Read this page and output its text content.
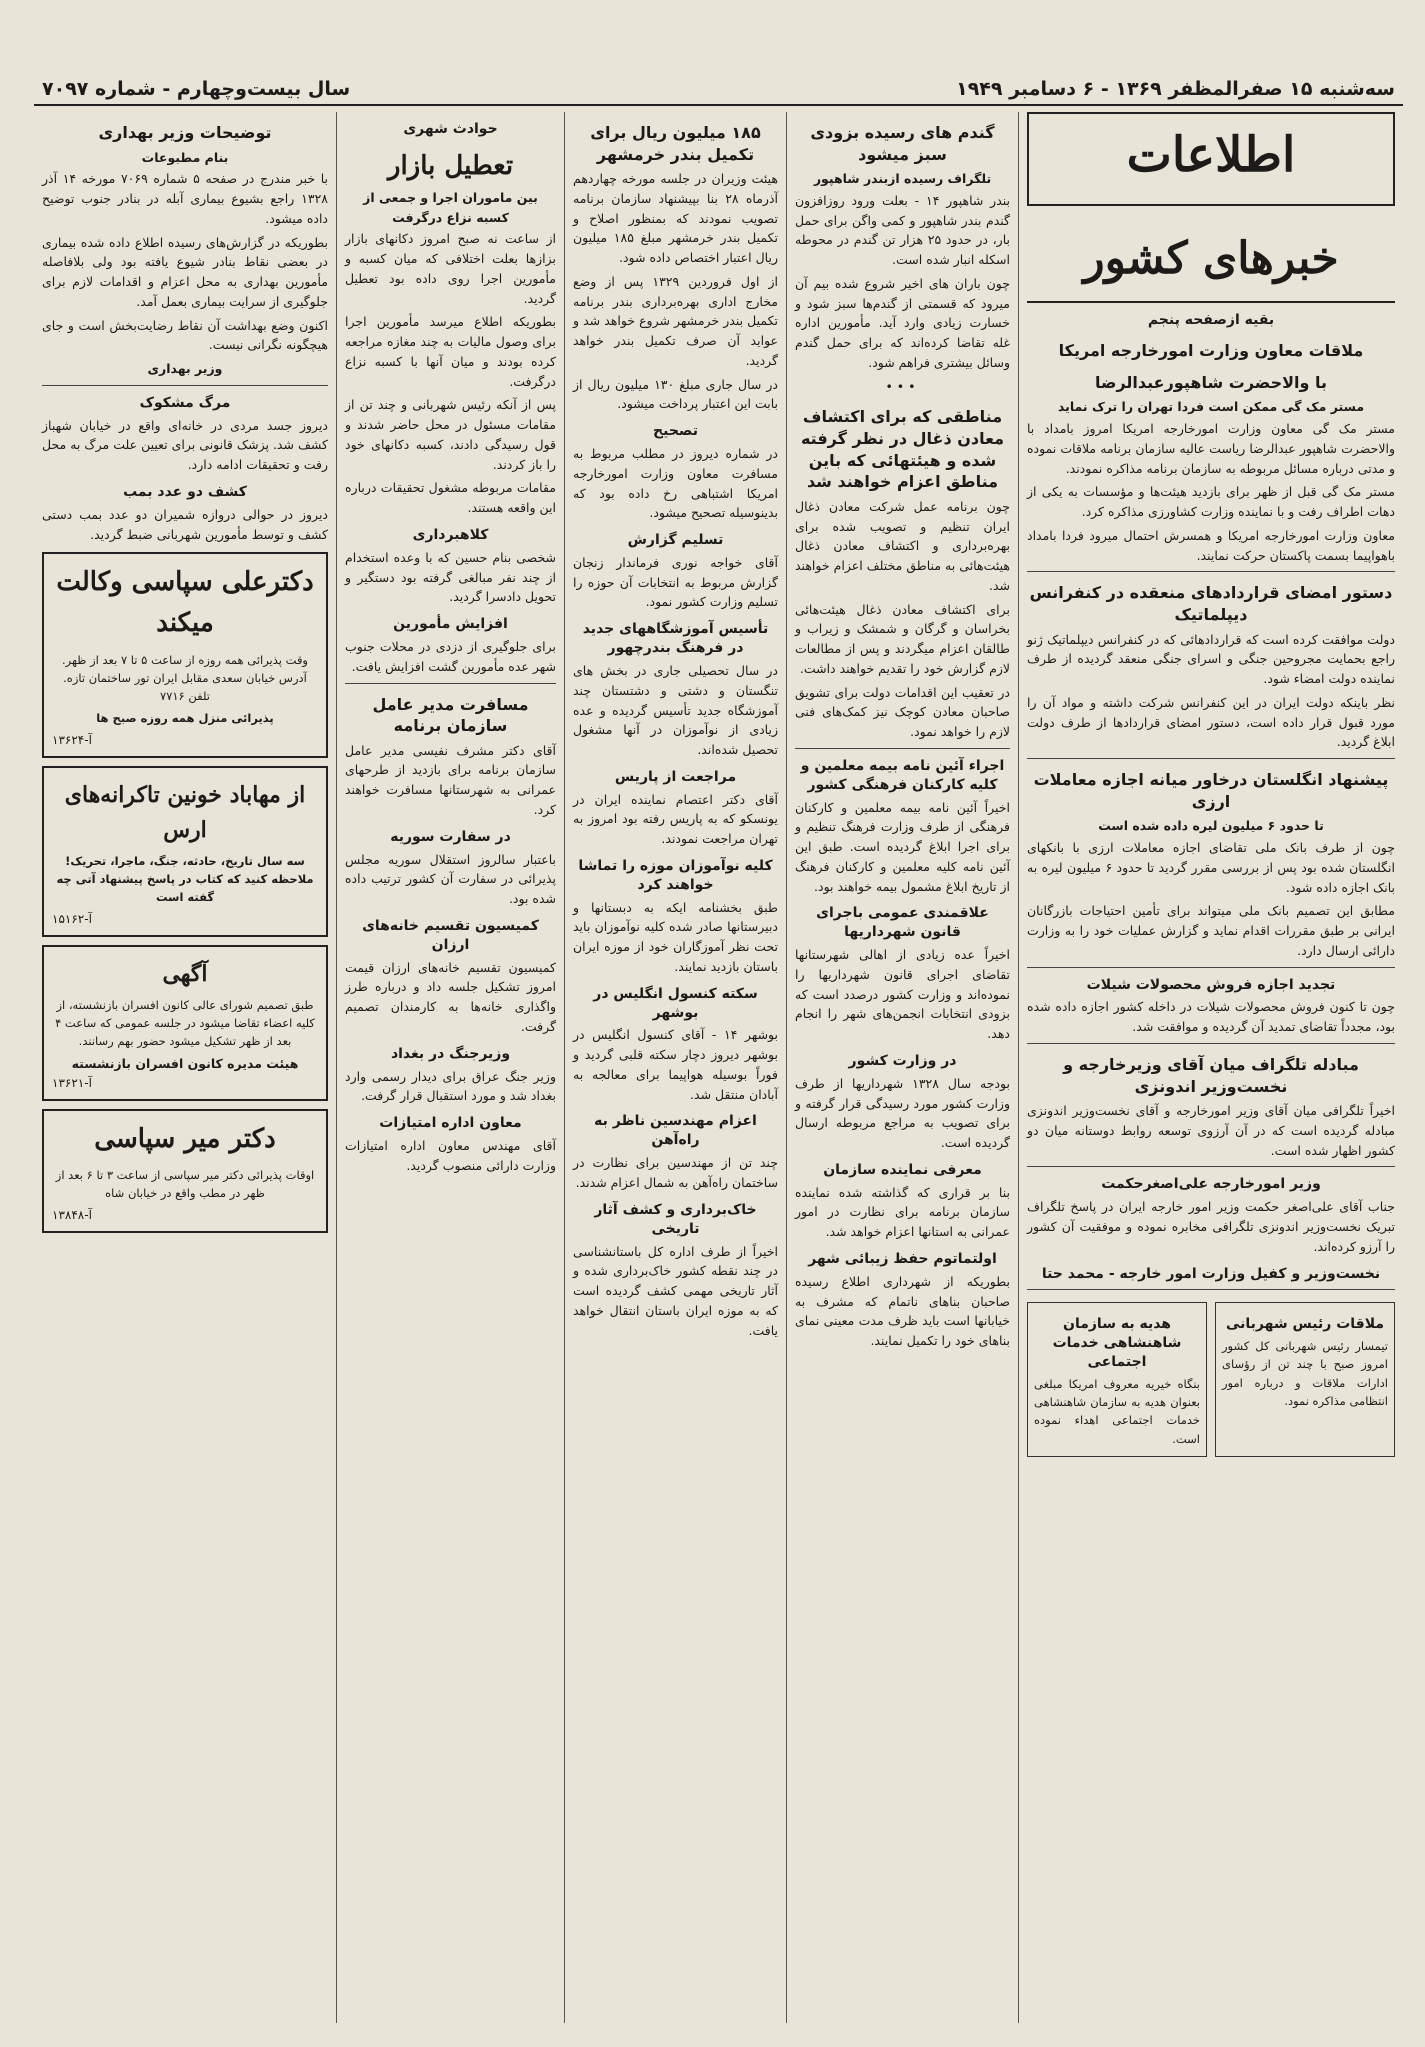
سه‌شنبه ۱۵ صفرالمظفر ۱۳۶۹ - ۶ دسامبر ۱۹۴۹
سال بیست‌وچهارم - شماره ۷۰۹۷
اطلاعات
خبرهای کشور
بقیه ازصفحه پنجم
ملاقات معاون وزارت امورخارجه امریکا
با والاحضرت شاهپورعبدالرضا
مستر مک گی ممکن است فردا تهران را ترک نماید

مستر مک گی معاون وزارت امورخارجه امریکا امروز بامداد با والاحضرت شاهپور عبدالرضا ریاست عالیه سازمان برنامه ملاقات نموده و مدتی درباره مسائل مربوطه به سازمان برنامه مذاکره نمودند.

مستر مک گی قبل از ظهر برای بازدید هیئت‌ها و مؤسسات به یکی از دهات اطراف رفت و با نماینده وزارت کشاورزی مذاکره کرد.

معاون وزارت امورخارجه امریکا و همسرش احتمال میرود فردا بامداد باهواپیما بسمت پاکستان حرکت نمایند.

دستور امضای قراردادهای منعقده در کنفرانس دیپلماتیک

دولت موافقت کرده است که قراردادهائی که در کنفرانس دیپلماتیک ژنو راجع بحمایت مجروحین جنگی و اسرای جنگی منعقد گردیده از طرف نماینده دولت امضاء شود.

نظر باینکه دولت ایران در این کنفرانس شرکت داشته و مواد آن را مورد قبول قرار داده است، دستور امضای قراردادها از طرف دولت ابلاغ گردید.

پیشنهاد انگلستان درخاور میانه اجازه معاملات ارزی
تا حدود ۶ میلیون لیره داده شده است

چون از طرف بانک ملی تقاضای اجازه معاملات ارزی با بانکهای انگلستان شده بود پس از بررسی مقرر گردید تا حدود ۶ میلیون لیره به بانک اجازه داده شود.

مطابق این تصمیم بانک ملی میتواند برای تأمین احتیاجات بازرگانان ایرانی بر طبق مقررات اقدام نماید و گزارش عملیات خود را به وزارت دارائی ارسال دارد.

تجدید اجازه فروش محصولات شیلات

چون تا کنون فروش محصولات شیلات در داخله کشور اجازه داده شده بود، مجدداً تقاضای تمدید آن گردیده و موافقت شد.

مبادله تلگراف میان آقای وزیرخارجه و نخست‌وزیر اندونزی

اخیراً تلگرافی میان آقای وزیر امورخارجه و آقای نخست‌وزیر اندونزی مبادله گردیده است که در آن آرزوی توسعه روابط دوستانه میان دو کشور اظهار شده است.

وزیر امورخارجه علی‌اصغرحکمت

جناب آقای علی‌اصغر حکمت وزیر امور خارجه ایران در پاسخ تلگراف تبریک نخست‌وزیر اندونزی تلگرافی مخابره نموده و موفقیت آن کشور را آرزو کرده‌اند.

نخست‌وزیر و کفیل وزارت امور خارجه - محمد حتا
ملاقات رئیس شهربانی

تیمسار رئیس شهربانی کل کشور امروز صبح با چند تن از رؤسای ادارات ملاقات و درباره امور انتظامی مذاکره نمود.

هدیه به سازمان شاهنشاهی خدمات اجتماعی

بنگاه خیریه معروف امریکا مبلغی بعنوان هدیه به سازمان شاهنشاهی خدمات اجتماعی اهداء نموده است.

گندم های رسیده بزودی سبز میشود
تلگراف رسیده ازبندر شاهپور

بندر شاهپور ۱۴ - بعلت ورود روزافزون گندم بندر شاهپور و کمی واگن برای حمل بار، در حدود ۲۵ هزار تن گندم در محوطه اسکله انبار شده است.

چون باران های اخیر شروع شده بیم آن میرود که قسمتی از گندم‌ها سبز شود و خسارت زیادی وارد آید. مأمورین اداره غله تقاضا کرده‌اند که برای حمل گندم وسائل بیشتری فراهم شود.

•••
مناطقی که برای اکتشاف معادن ذغال در نظر گرفته شده و هیئتهائی که باین مناطق اعزام خواهند شد

چون برنامه عمل شرکت معادن ذغال ایران تنظیم و تصویب شده برای بهره‌برداری و اکتشاف معادن ذغال هیئت‌هائی به مناطق مختلف اعزام خواهند شد.

برای اکتشاف معادن ذغال هیئت‌هائی بخراسان و گرگان و شمشک و زیراب و طالقان اعزام میگردند و پس از مطالعات لازم گزارش خود را تقدیم خواهند داشت.

در تعقیب این اقدامات دولت برای تشویق صاحبان معادن کوچک نیز کمک‌های فنی لازم را خواهد نمود.

اجراء آئین نامه بیمه معلمین و کلیه کارکنان فرهنگی کشور

اخیراً آئین نامه بیمه معلمین و کارکنان فرهنگی از طرف وزارت فرهنگ تنظیم و برای اجرا ابلاغ گردیده است. طبق این آئین نامه کلیه معلمین و کارکنان فرهنگ از تاریخ ابلاغ مشمول بیمه خواهند بود.

علاقمندی عمومی باجرای قانون شهرداریها

اخیراً عده زیادی از اهالی شهرستانها تقاضای اجرای قانون شهرداریها را نموده‌اند و وزارت کشور درصدد است که بزودی انتخابات انجمن‌های شهر را انجام دهد.

در وزارت کشور

بودجه سال ۱۳۲۸ شهرداریها از طرف وزارت کشور مورد رسیدگی قرار گرفته و برای تصویب به مراجع مربوطه ارسال گردیده است.

معرفی نماینده سازمان

بنا بر قراری که گذاشته شده نماینده سازمان برنامه برای نظارت در امور عمرانی به استانها اعزام خواهد شد.

اولتماتوم حفظ زیبائی شهر

بطوریکه از شهرداری اطلاع رسیده صاحبان بناهای ناتمام که مشرف به خیابانها است باید ظرف مدت معینی نمای بناهای خود را تکمیل نمایند.

۱۸۵ میلیون ریال برای تکمیل بندر خرمشهر

هیئت وزیران در جلسه مورخه چهاردهم آذرماه ۲۸ بنا بپیشنهاد سازمان برنامه تصویب نمودند که بمنظور اصلاح و تکمیل بندر خرمشهر مبلغ ۱۸۵ میلیون ریال اعتبار اختصاص داده شود.

از اول فروردین ۱۳۲۹ پس از وضع مخارج اداری بهره‌برداری بندر برنامه تکمیل بندر خرمشهر شروع خواهد شد و عواید آن صرف تکمیل بندر خواهد گردید.

در سال جاری مبلغ ۱۳۰ میلیون ریال از بابت این اعتبار پرداخت میشود.

تصحیح

در شماره دیروز در مطلب مربوط به مسافرت معاون وزارت امورخارجه امریکا اشتباهی رخ داده بود که بدینوسیله تصحیح میشود.

تسلیم گزارش

آقای خواجه نوری فرماندار زنجان گزارش مربوط به انتخابات آن حوزه را تسلیم وزارت کشور نمود.

تأسیس آموزشگاههای جدید در فرهنگ بندرچهور

در سال تحصیلی جاری در بخش های تنگستان و دشتی و دشتستان چند آموزشگاه جدید تأسیس گردیده و عده زیادی از نوآموزان در آنها مشغول تحصیل شده‌اند.

مراجعت از پاریس

آقای دکتر اعتصام نماینده ایران در یونسکو که به پاریس رفته بود امروز به تهران مراجعت نمودند.

کلیه نوآموزان موزه را تماشا خواهند کرد

طبق بخشنامه ایکه به دبستانها و دبیرستانها صادر شده کلیه نوآموزان باید تحت نظر آموزگاران خود از موزه ایران باستان بازدید نمایند.

سکته کنسول انگلیس در بوشهر

بوشهر ۱۴ - آقای کنسول انگلیس در بوشهر دیروز دچار سکته قلبی گردید و فوراً بوسیله هواپیما برای معالجه به آبادان منتقل شد.

اعزام مهندسین ناظر به راه‌آهن

چند تن از مهندسین برای نظارت در ساختمان راه‌آهن به شمال اعزام شدند.

خاک‌برداری و کشف آثار تاریخی

اخیراً از طرف اداره کل باستانشناسی در چند نقطه کشور خاک‌برداری شده و آثار تاریخی مهمی کشف گردیده است که به موزه ایران باستان انتقال خواهد یافت.

حوادث شهری
تعطیل بازار
بین ماموران اجرا و جمعی از کسبه نزاع درگرفت

از ساعت نه صبح امروز دکانهای بازار بزازها بعلت اختلافی که میان کسبه و مأمورین اجرا روی داده بود تعطیل گردید.

بطوریکه اطلاع میرسد مأمورین اجرا برای وصول مالیات به چند مغازه مراجعه کرده بودند و میان آنها با کسبه نزاع درگرفت.

پس از آنکه رئیس شهربانی و چند تن از مقامات مسئول در محل حاضر شدند و قول رسیدگی دادند، کسبه دکانهای خود را باز کردند.

مقامات مربوطه مشغول تحقیقات درباره این واقعه هستند.

کلاهبرداری

شخصی بنام حسین که با وعده استخدام از چند نفر مبالغی گرفته بود دستگیر و تحویل دادسرا گردید.

افزایش مأمورین

برای جلوگیری از دزدی در محلات جنوب شهر عده مأمورین گشت افزایش یافت.

مسافرت مدیر عامل سازمان برنامه

آقای دکتر مشرف نفیسی مدیر عامل سازمان برنامه برای بازدید از طرحهای عمرانی به شهرستانها مسافرت خواهند کرد.

در سفارت سوریه

باعتبار سالروز استقلال سوریه مجلس پذیرائی در سفارت آن کشور ترتیب داده شده بود.

کمیسیون تقسیم خانه‌های ارزان

کمیسیون تقسیم خانه‌های ارزان قیمت امروز تشکیل جلسه داد و درباره طرز واگذاری خانه‌ها به کارمندان تصمیم گرفت.

وزیرجنگ در بغداد

وزیر جنگ عراق برای دیدار رسمی وارد بغداد شد و مورد استقبال قرار گرفت.

معاون اداره امتیازات

آقای مهندس معاون اداره امتیازات وزارت دارائی منصوب گردید.

توضیحات وزیر بهداری
بنام مطبوعات

با خبر مندرج در صفحه ۵ شماره ۷۰۶۹ مورخه ۱۴ آذر ۱۳۲۸ راجع بشیوع بیماری آبله در بنادر جنوب توضیح داده میشود.

بطوریکه در گزارش‌های رسیده اطلاع داده شده بیماری در بعضی نقاط بنادر شیوع یافته بود ولی بلافاصله مأمورین بهداری به محل اعزام و اقدامات لازم برای جلوگیری از سرایت بیماری بعمل آمد.

اکنون وضع بهداشت آن نقاط رضایت‌بخش است و جای هیچگونه نگرانی نیست.

وزیر بهداری
مرگ مشکوک

دیروز جسد مردی در خانه‌ای واقع در خیابان شهباز کشف شد. پزشک قانونی برای تعیین علت مرگ به محل رفت و تحقیقات ادامه دارد.

کشف دو عدد بمب

دیروز در حوالی دروازه شمیران دو عدد بمب دستی کشف و توسط مأمورین شهربانی ضبط گردید.

دکترعلی سپاسی وکالت میکند

وقت پذیرائی همه روزه از ساعت ۵ تا ۷ بعد از ظهر. آدرس خیابان سعدی مقابل ایران تور ساختمان تازه. تلفن ۷۷۱۶

پذیرائی منزل همه روزه صبح ها

آ-۱۳۶۲۴
از مهاباد خونین تاکرانه‌های ارس

سه سال تاریخ، حادثه، جنگ، ماجرا، تحریک! ملاحظه کنید که کتاب در پاسخ پیشنهاد آتی چه گفته است

آ-۱۵۱۶۲
آگهی

طبق تصمیم شورای عالی کانون افسران بازنشسته، از کلیه اعضاء تقاضا میشود در جلسه عمومی که ساعت ۴ بعد از ظهر تشکیل میشود حضور بهم رسانند.

هیئت مدیره کانون افسران بازنشسته
آ-۱۳۶۲۱
دکتر میر سپاسی

اوقات پذیرائی دکتر میر سپاسی از ساعت ۳ تا ۶ بعد از ظهر در مطب واقع در خیابان شاه

آ-۱۳۸۴۸
